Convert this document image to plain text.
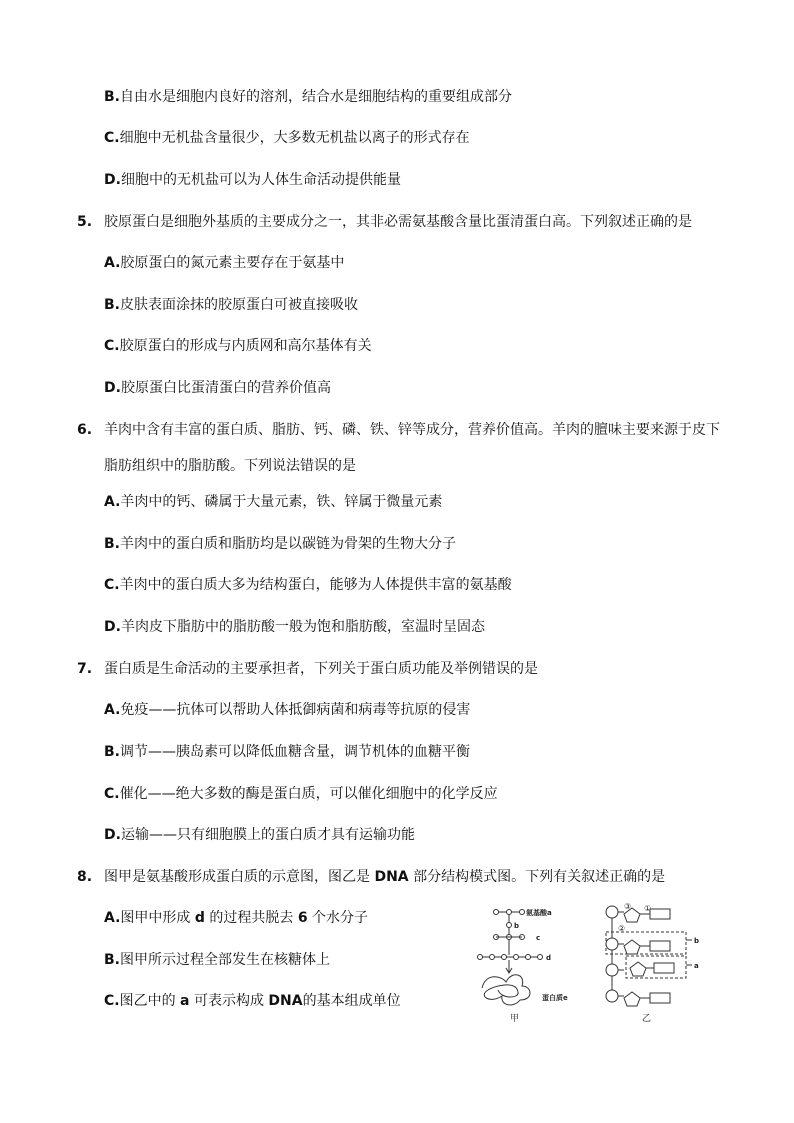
B.自由水是细胞内良好的溶剂，结合水是细胞结构的重要组成部分
C.细胞中无机盐含量很少，大多数无机盐以离子的形式存在
D.细胞中的无机盐可以为人体生命活动提供能量
5. 胶原蛋白是细胞外基质的主要成分之一，其非必需氨基酸含量比蛋清蛋白高。下列叙述正确的是
A.胶原蛋白的氮元素主要存在于氨基中
B.皮肤表面涂抹的胶原蛋白可被直接吸收
C.胶原蛋白的形成与内质网和高尔基体有关
D.胶原蛋白比蛋清蛋白的营养价值高
6. 羊肉中含有丰富的蛋白质、脂肪、钙、磷、铁、锌等成分，营养价值高。羊肉的膻味主要来源于皮下
脂肪组织中的脂肪酸。下列说法错误的是
A.羊肉中的钙、磷属于大量元素，铁、锌属于微量元素
B.羊肉中的蛋白质和脂肪均是以碳链为骨架的生物大分子
C.羊肉中的蛋白质大多为结构蛋白，能够为人体提供丰富的氨基酸
D.羊肉皮下脂肪中的脂肪酸一般为饱和脂肪酸，室温时呈固态
7. 蛋白质是生命活动的主要承担者，下列关于蛋白质功能及举例错误的是
A.免疫——抗体可以帮助人体抵御病菌和病毒等抗原的侵害
B.调节——胰岛素可以降低血糖含量，调节机体的血糖平衡
C.催化——绝大多数的酶是蛋白质，可以催化细胞中的化学反应
D.运输——只有细胞膜上的蛋白质才具有运输功能
8. 图甲是氨基酸形成蛋白质的示意图，图乙是 DNA 部分结构模式图。下列有关叙述正确的是
A.图甲中形成 d 的过程共脱去 6 个水分子
B.图甲所示过程全部发生在核糖体上
C.图乙中的 a 可表示构成 DNA的基本组成单位
氨基酸a
b
c
d
蛋白质e
甲
③ ①
②
b
a
乙
